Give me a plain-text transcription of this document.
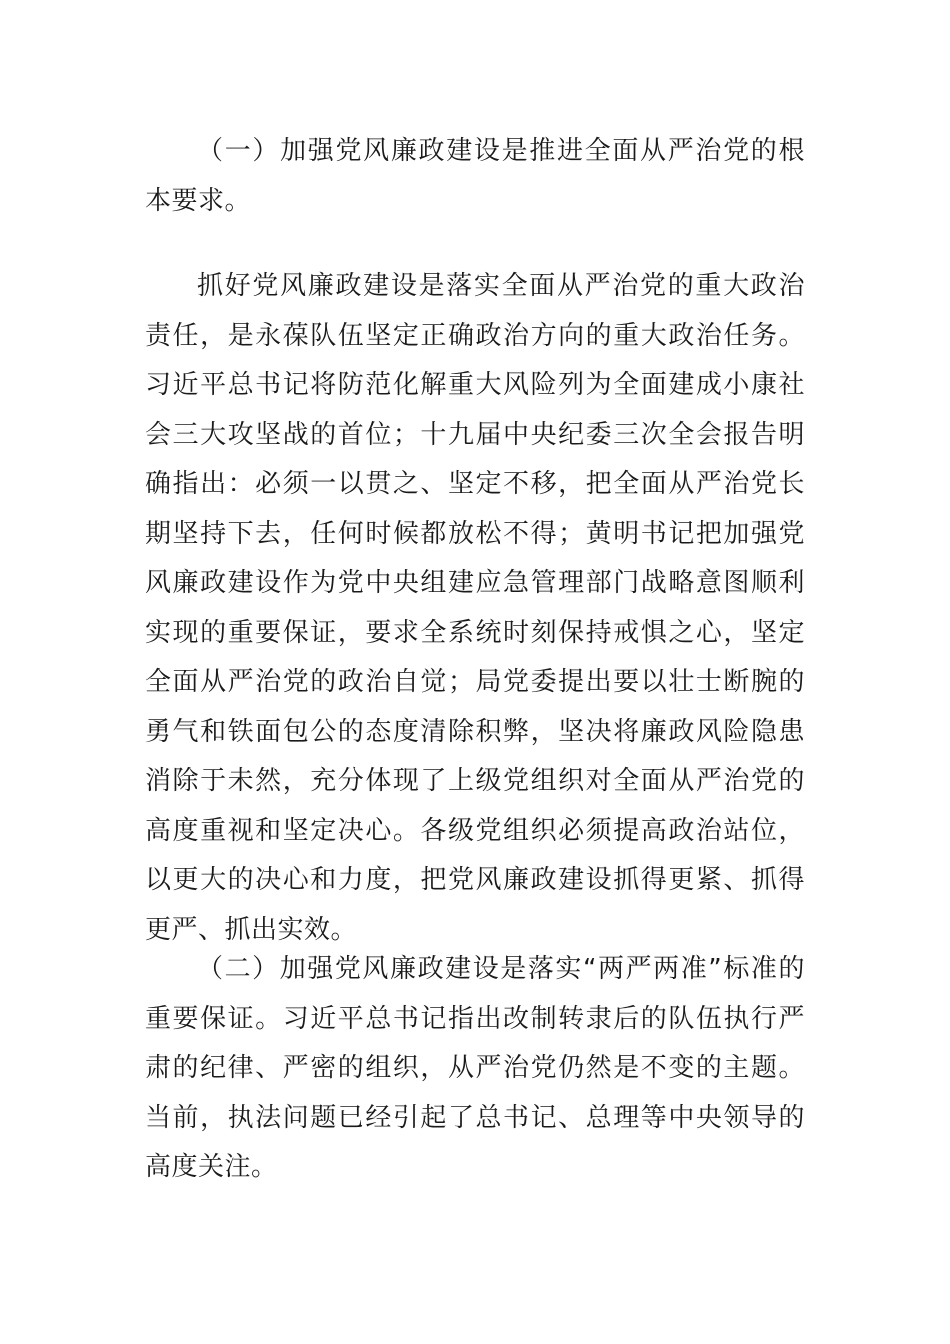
（一）加强党风廉政建设是推进全面从严治党的根本要求。

抓好党风廉政建设是落实全面从严治党的重大政治责任，是永葆队伍坚定正确政治方向的重大政治任务。习近平总书记将防范化解重大风险列为全面建成小康社会三大攻坚战的首位；十九届中央纪委三次全会报告明确指出：必须一以贯之、坚定不移，把全面从严治党长期坚持下去，任何时候都放松不得；黄明书记把加强党风廉政建设作为党中央组建应急管理部门战略意图顺利实现的重要保证，要求全系统时刻保持戒惧之心，坚定全面从严治党的政治自觉；局党委提出要以壮士断腕的勇气和铁面包公的态度清除积弊，坚决将廉政风险隐患消除于未然，充分体现了上级党组织对全面从严治党的高度重视和坚定决心。各级党组织必须提高政治站位，以更大的决心和力度，把党风廉政建设抓得更紧、抓得更严、抓出实效。

（二）加强党风廉政建设是落实“两严两准”标准的重要保证。习近平总书记指出改制转隶后的队伍执行严肃的纪律、严密的组织，从严治党仍然是不变的主题。当前，执法问题已经引起了总书记、总理等中央领导的高度关注。
